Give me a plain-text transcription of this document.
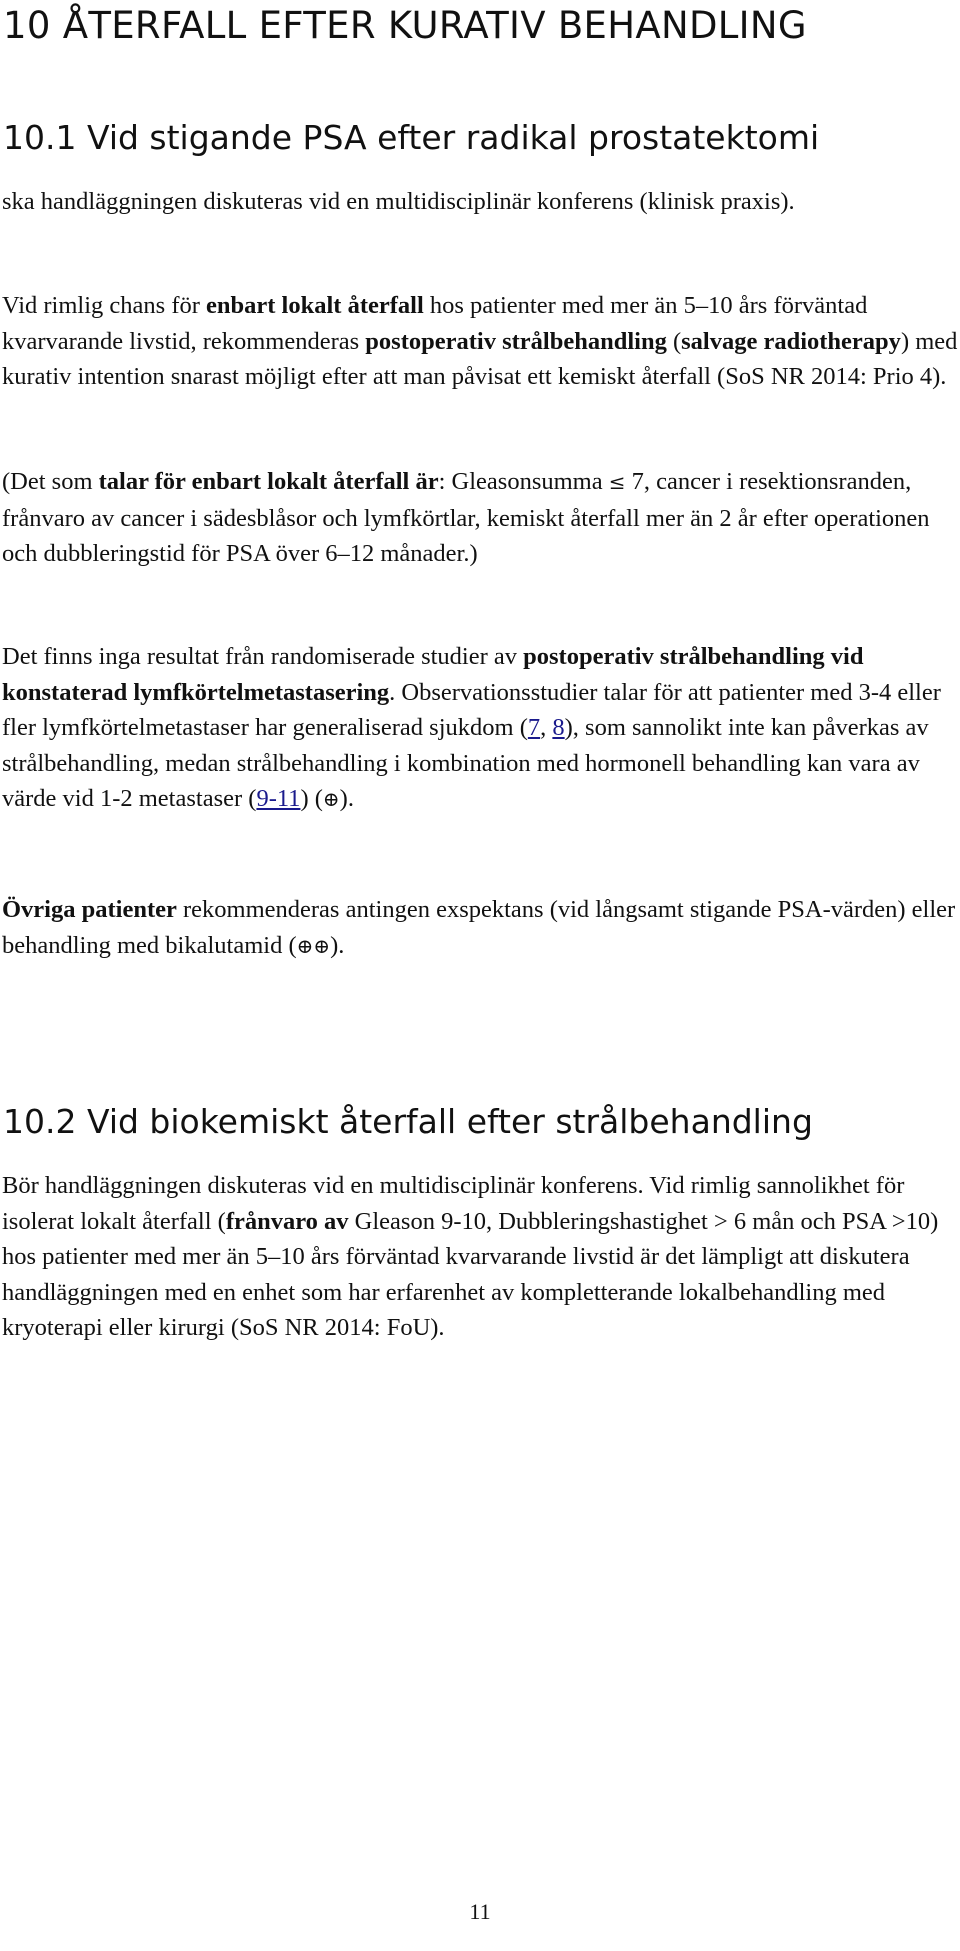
10 ÅTERFALL EFTER KURATIV BEHANDLING
10.1 Vid stigande PSA efter radikal prostatektomi

ska handläggningen diskuteras vid en multidisciplinär konferens (klinisk praxis).

Vid rimlig chans för enbart lokalt återfall hos patienter med mer än 5–10 års förväntad kvarvarande livstid, rekommenderas postoperativ strålbehandling (salvage radiotherapy) med kurativ intention snarast möjligt efter att man påvisat ett kemiskt återfall (SoS NR 2014: Prio 4).

(Det som talar för enbart lokalt återfall är: Gleasonsumma ≤ 7, cancer i resektionsranden, frånvaro av cancer i sädesblåsor och lymfkörtlar, kemiskt återfall mer än 2 år efter operationen och dubbleringstid för PSA över 6–12 månader.)

Det finns inga resultat från randomiserade studier av postoperativ strålbehandling vid konstaterad lymfkörtelmetastasering. Observationsstudier talar för att patienter med 3-4 eller fler lymfkörtelmetastaser har generaliserad sjukdom (7, 8), som sannolikt inte kan påverkas av strålbehandling, medan strålbehandling i kombination med hormonell behandling kan vara av värde vid 1-2 metastaser (9-11) (⊕).

Övriga patienter rekommenderas antingen exspektans (vid långsamt stigande PSA-värden) eller behandling med bikalutamid (⊕⊕).

10.2 Vid biokemiskt återfall efter strålbehandling

Bör handläggningen diskuteras vid en multidisciplinär konferens. Vid rimlig sannolikhet för isolerat lokalt återfall (frånvaro av Gleason 9-10, Dubbleringshastighet > 6 mån och PSA >10) hos patienter med mer än 5–10 års förväntad kvarvarande livstid är det lämpligt att diskutera handläggningen med en enhet som har erfarenhet av kompletterande lokalbehandling med kryoterapi eller kirurgi (SoS NR 2014: FoU).

11
